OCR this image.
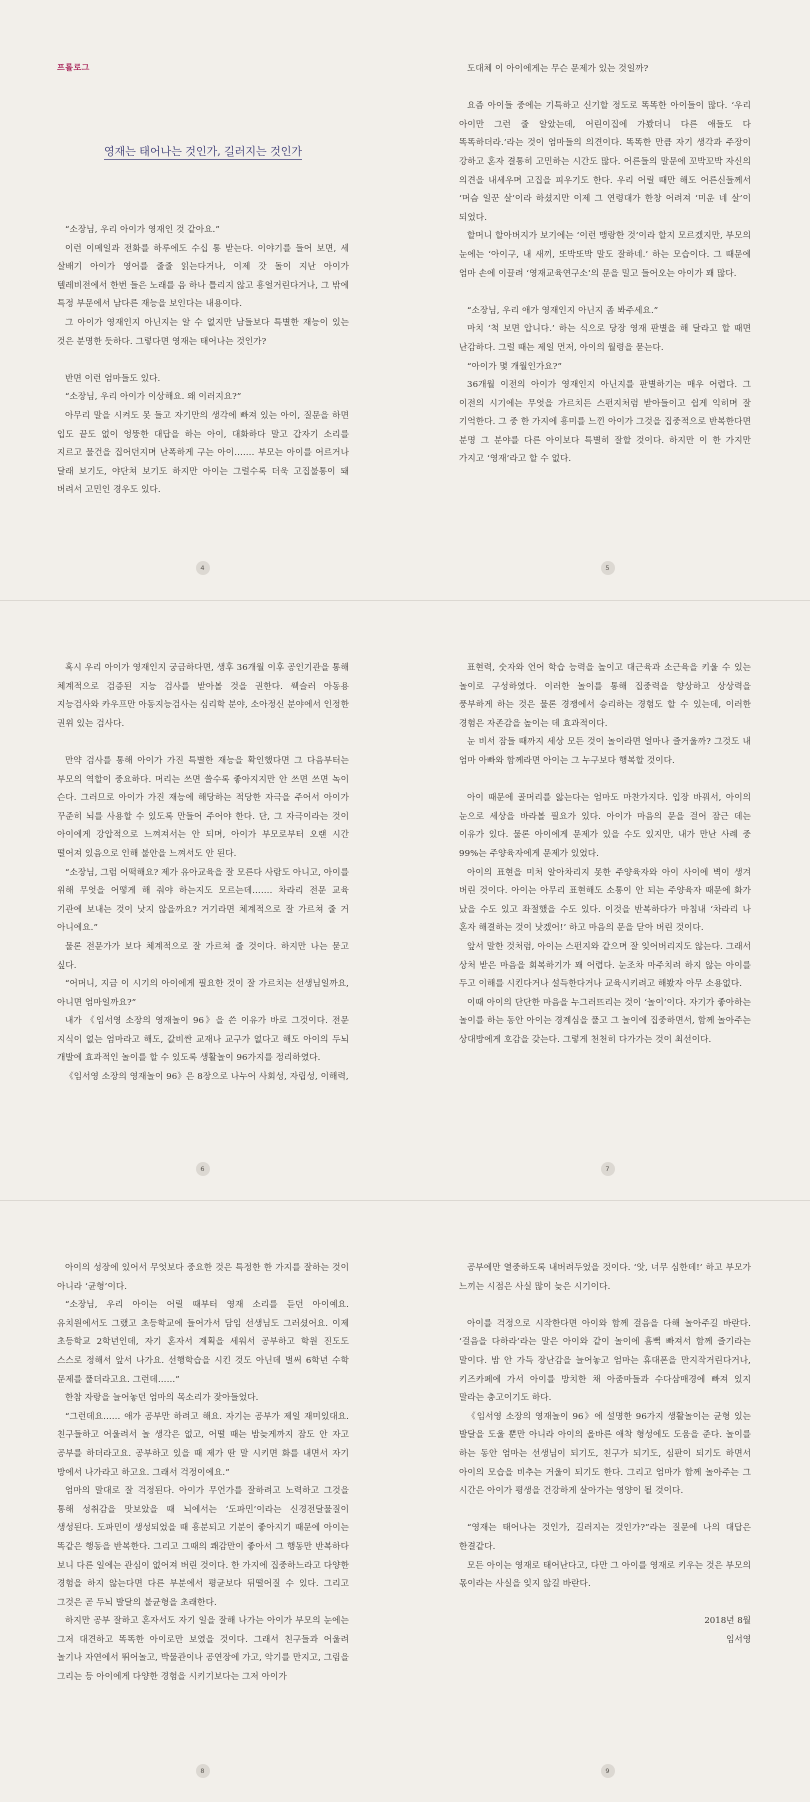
프롤로그
영재는 태어나는 것인가, 길러지는 것인가

“소장님, 우리 아이가 영재인 것 같아요.”

이런 이메일과 전화를 하루에도 수십 통 받는다. 이야기를 들어 보면, 세 살배기 아이가 영어를 줄줄 읽는다거나, 이제 갓 돌이 지난 아이가 텔레비전에서 한번 들은 노래를 음 하나 틀리지 않고 흥얼거린다거나, 그 밖에 특정 부문에서 남다른 재능을 보인다는 내용이다.

그 아이가 영재인지 아닌지는 알 수 없지만 남들보다 특별한 재능이 있는 것은 분명한 듯하다. 그렇다면 영재는 태어나는 것인가?

반면 이런 엄마들도 있다.

“소장님, 우리 아이가 이상해요. 왜 이러지요?”

아무리 말을 시켜도 못 들고 자기만의 생각에 빠져 있는 아이, 질문을 하면 입도 끝도 없이 엉뚱한 대답을 하는 아이, 대화하다 말고 갑자기 소리를 지르고 물건을 집어던지며 난폭하게 구는 아이……. 부모는 아이를 어르거나 달래 보기도, 야단쳐 보기도 하지만 아이는 그럴수록 더욱 고집불통이 돼 버려서 고민인 경우도 있다.

4

도대체 이 아이에게는 무슨 문제가 있는 것일까?

요즘 아이들 중에는 기특하고 신기할 정도로 똑똑한 아이들이 많다. ‘우리 아이만 그런 줄 알았는데, 어린이집에 가봤더니 다른 애들도 다 똑똑하더라.’라는 것이 엄마들의 의견이다. 똑똑한 만큼 자기 생각과 주장이 강하고 혼자 결통히 고민하는 시간도 많다. 어른들의 말문에 꼬박꼬박 자신의 의견을 내세우며 고집을 피우기도 한다. 우리 어릴 때만 해도 어른신들께서 ‘머슴 일꾼 살’이라 하셨지만 이제 그 연령대가 한창 어려져 ‘미운 네 살’이 되었다.

할머니 할아버지가 보기에는 ‘이런 맹랑한 것’이라 할지 모르겠지만, 부모의 눈에는 ‘아이구, 내 새끼, 또박또박 말도 잘하네.’ 하는 모습이다. 그 때문에 엄마 손에 이끌려 ‘영재교육연구소’의 문을 밀고 들어오는 아이가 꽤 많다.

“소장님, 우리 애가 영재인지 아닌지 좀 봐주세요.”

마치 ‘척 보면 압니다.’ 하는 식으로 당장 영재 판별을 해 달라고 할 때면 난감하다. 그럴 때는 제일 먼저, 아이의 월령을 묻는다.

“아이가 몇 개월인가요?”

36개월 이전의 아이가 영재인지 아닌지를 판별하기는 매우 어렵다. 그 이전의 시기에는 무엇을 가르치든 스펀지처럼 받아들이고 쉽게 익히며 잘 기억한다. 그 중 한 가지에 흥미를 느낀 아이가 그것을 집중적으로 반복한다면 분명 그 분야를 다른 아이보다 특별히 잘할 것이다. 하지만 이 한 가지만 가지고 ‘영재’라고 할 수 없다.

5

혹시 우리 아이가 영재인지 궁금하다면, 생후 36개월 이후 공인기관을 통해 체계적으로 검증된 지능 검사를 받아볼 것을 권한다. 웩슬러 아동용 지능검사와 카우프만 아동지능검사는 심리학 분야, 소아정신 분야에서 인정한 권위 있는 검사다.

만약 검사를 통해 아이가 가진 특별한 재능을 확인했다면 그 다음부터는 부모의 역할이 중요하다. 머리는 쓰면 쓸수록 좋아지지만 안 쓰면 쓰면 녹이 슨다. 그러므로 아이가 가진 재능에 해당하는 적당한 자극을 주어서 아이가 꾸준히 뇌를 사용할 수 있도록 만들어 주어야 한다. 단, 그 자극이라는 것이 아이에게 강압적으로 느껴져서는 안 되며, 아이가 부모로부터 오랜 시간 떨어져 있음으로 인해 불안을 느껴서도 안 된다.

“소장님, 그럼 어떡해요? 제가 유아교육을 잘 모른다 사람도 아니고, 아이를 위해 무엇을 어떻게 해 줘야 하는지도 모르는데……. 차라리 전문 교육 기관에 보내는 것이 낫지 않을까요? 거기라면 체계적으로 잘 가르쳐 줄 거 아니에요.”

물론 전문가가 보다 체계적으로 잘 가르쳐 줄 것이다. 하지만 나는 묻고 싶다.

“어머니, 지금 이 시기의 아이에게 필요한 것이 잘 가르치는 선생님일까요, 아니면 엄마일까요?”

내가 《임서영 소장의 영재놀이 96》을 쓴 이유가 바로 그것이다. 전문 지식이 없는 엄마라고 해도, 값비싼 교재나 교구가 없다고 해도 아이의 두뇌 개발에 효과적인 놀이를 할 수 있도록 생활놀이 96가지를 정리하였다.

《임서영 소장의 영재놀이 96》은 8장으로 나누어 사회성, 자립성, 이해력,

6

표현력, 숫자와 언어 학습 능력을 높이고 대근육과 소근육을 키울 수 있는 놀이로 구성하였다. 이러한 놀이를 통해 집중력을 향상하고 상상력을 풍부하게 하는 것은 물론 경쟁에서 승리하는 경험도 할 수 있는데, 이러한 경험은 자존감을 높이는 데 효과적이다.

눈 비서 잠들 때까지 세상 모든 것이 놀이라면 얼마나 즐거울까? 그것도 내 엄마 아빠와 함께라면 아이는 그 누구보다 행복할 것이다.

아이 때문에 골머리를 앓는다는 엄마도 마찬가지다. 입장 바꿔서, 아이의 눈으로 세상을 바라볼 필요가 있다. 아이가 마음의 문을 걸어 잠근 데는 이유가 있다. 물론 아이에게 문제가 있을 수도 있지만, 내가 만난 사례 중 99%는 주양육자에게 문제가 있었다.

아이의 표현을 미처 알아차리지 못한 주양육자와 아이 사이에 벽이 생겨 버린 것이다. 아이는 아무리 표현해도 소통이 안 되는 주양육자 때문에 화가 났을 수도 있고 좌절했을 수도 있다. 이것을 반복하다가 마침내 ‘차라리 나 혼자 해결하는 것이 낫겠어!’ 하고 마음의 문을 닫아 버린 것이다.

앞서 말한 것처럼, 아이는 스펀지와 같으며 잘 잊어버리지도 않는다. 그래서 상처 받은 마음을 회복하기가 꽤 어렵다. 눈조차 마주치려 하지 않는 아이를 두고 이해를 시킨다거나 설득한다거나 교육시키려고 해봤자 아무 소용없다.

이때 아이의 단단한 마음을 누그러뜨리는 것이 ‘놀이’이다. 자기가 좋아하는 놀이를 하는 동안 아이는 경계심을 풀고 그 놀이에 집중하면서, 함께 놀아주는 상대방에게 호감을 갖는다. 그렇게 천천히 다가가는 것이 최선이다.

7

아이의 성장에 있어서 무엇보다 중요한 것은 특정한 한 가지를 잘하는 것이 아니라 ‘균형’이다.

“소장님, 우리 아이는 어릴 때부터 영재 소리를 듣던 아이예요. 유치원에서도 그랬고 초등학교에 들어가서 담임 선생님도 그러셨어요. 이제 초등학교 2학년인데, 자기 혼자서 계획을 세워서 공부하고 학원 진도도 스스로 정해서 앞서 나가요. 선행학습을 시킨 것도 아닌데 벌써 6학년 수학 문제를 풀더라고요. 그런데……”

한참 자랑을 늘어놓던 엄마의 목소리가 잦아들었다.

“그런데요…… 애가 공부만 하려고 해요. 자기는 공부가 제일 재미있대요. 친구들하고 어울려서 놀 생각은 없고, 어떨 때는 밤늦게까지 잠도 안 자고 공부를 하더라고요. 공부하고 있을 때 제가 딴 말 시키면 화를 내면서 자기 방에서 나가라고 하고요. 그래서 걱정이에요.”

엄마의 말대로 잘 걱정된다. 아이가 무언가를 잘하려고 노력하고 그것을 통해 성취감을 맛보았을 때 뇌에서는 ‘도파민’이라는 신경전달물질이 생성된다. 도파민이 생성되었을 때 흥분되고 기분이 좋아지기 때문에 아이는 똑같은 행동을 반복한다. 그리고 그때의 쾌감만이 좋아서 그 행동만 반복하다 보니 다른 일에는 관심이 없어져 버린 것이다. 한 가지에 집중하느라고 다양한 경험을 하지 않는다면 다른 부분에서 평균보다 뒤떨어질 수 있다. 그리고 그것은 곧 두뇌 발달의 불균형을 초래한다.

하지만 공부 잘하고 혼자서도 자기 일을 잘해 나가는 아이가 부모의 눈에는 그저 대견하고 똑똑한 아이로만 보였을 것이다. 그래서 친구들과 어울려 놀기나 자연에서 뛰어놀고, 박물관이나 공연장에 가고, 악기를 만지고, 그림을 그리는 등 아이에게 다양한 경험을 시키기보다는 그저 아이가

8

공부에만 열중하도록 내버려두었을 것이다. ‘앗, 너무 심한데!’ 하고 부모가 느끼는 시점은 사실 많이 늦은 시기이다.

아이를 걱정으로 시작한다면 아이와 함께 걸음을 다해 놀아주길 바란다. ‘걸음을 다하라’라는 말은 아이와 같이 놀이에 흠뻑 빠져서 함께 즐기라는 말이다. 밤 안 가득 장난감을 늘어놓고 엄마는 휴대폰을 만지작거린다거나, 키즈카페에 가서 아이를 방치한 채 아줌마들과 수다삼매경에 빠져 있지 말라는 충고이기도 하다.

《임서영 소장의 영재놀이 96》에 설명한 96가지 생활놀이는 균형 있는 발달을 도울 뿐만 아니라 아이의 올바른 애착 형성에도 도움을 준다. 놀이를 하는 동안 엄마는 선생님이 되기도, 친구가 되기도, 심판이 되기도 하면서 아이의 모습을 비추는 거울이 되기도 한다. 그리고 엄마가 함께 놀아주는 그 시간은 아이가 평생을 건강하게 살아가는 영양이 될 것이다.

“영재는 태어나는 것인가, 길러지는 것인가?”라는 질문에 나의 대답은 한결같다.

모든 아이는 영재로 태어난다고, 다만 그 아이를 영재로 키우는 것은 부모의 몫이라는 사실을 잊지 않길 바란다.

2018년 8월

임서영

9
